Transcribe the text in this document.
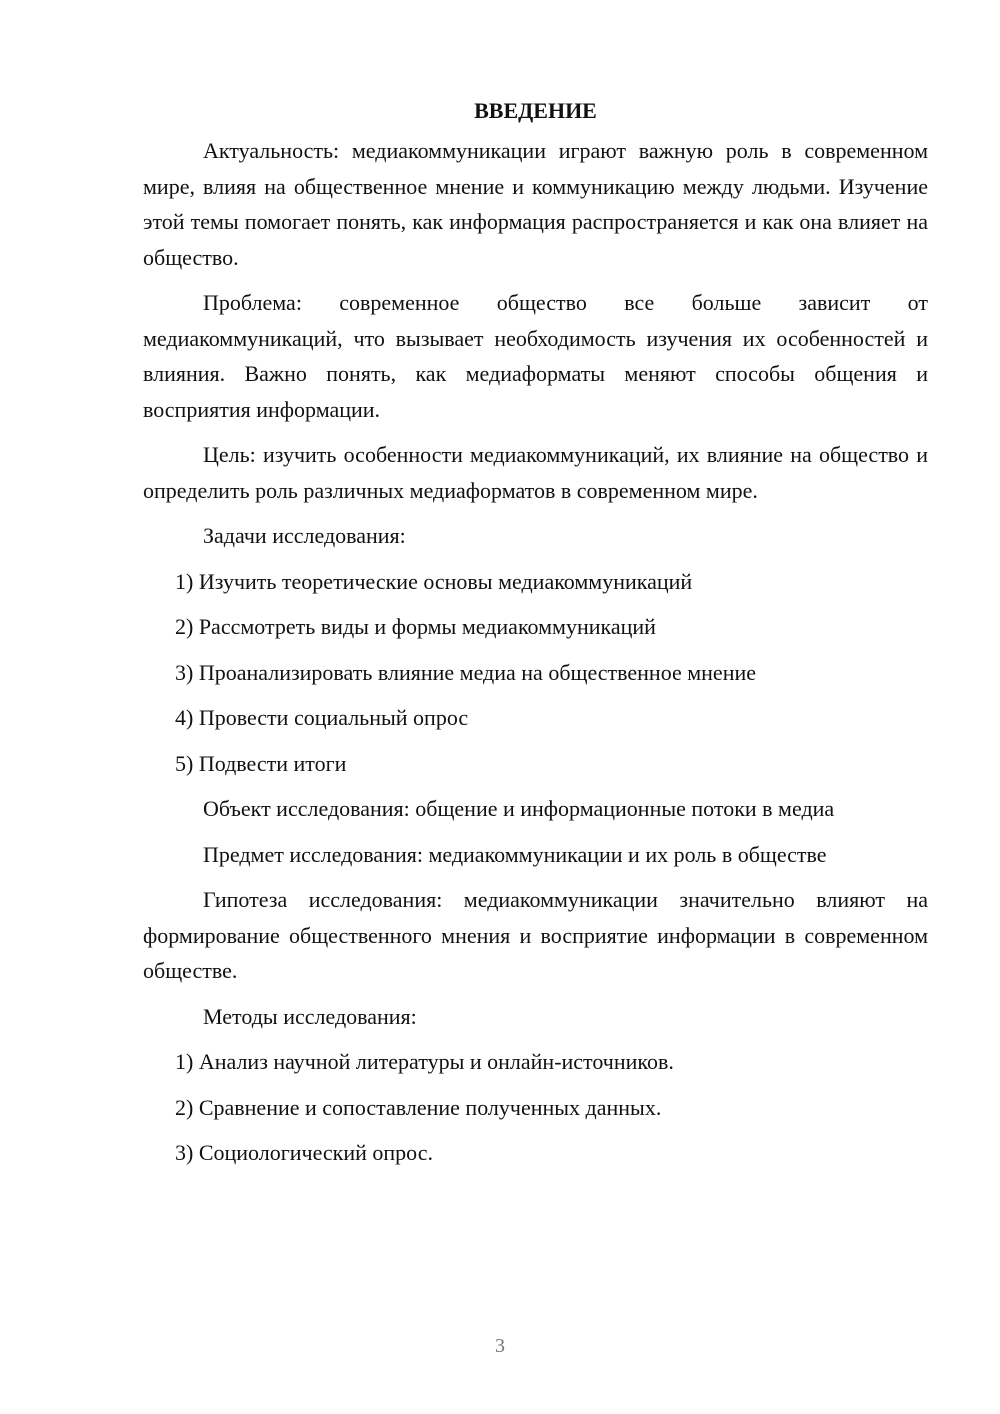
ВВЕДЕНИЕ

Актуальность: медиакоммуникации играют важную роль в современном мире, влияя на общественное мнение и коммуникацию между людьми. Изучение этой темы помогает понять, как информация распространяется и как она влияет на общество.

Проблема: современное общество все больше зависит от медиакоммуникаций, что вызывает необходимость изучения их особенностей и влияния. Важно понять, как медиаформаты меняют способы общения и восприятия информации.

Цель: изучить особенности медиакоммуникаций, их влияние на общество и определить роль различных медиаформатов в современном мире.

Задачи исследования:
1) Изучить теоретические основы медиакоммуникаций
2) Рассмотреть виды и формы медиакоммуникаций
3) Проанализировать влияние медиа на общественное мнение
4) Провести социальный опрос
5) Подвести итоги
Объект исследования: общение и информационные потоки в медиа
Предмет исследования: медиакоммуникации и их роль в обществе

Гипотеза исследования: медиакоммуникации значительно влияют на формирование общественного мнения и восприятие информации в современном обществе.

Методы исследования:
1) Анализ научной литературы и онлайн-источников.
2) Сравнение и сопоставление полученных данных.
3) Социологический опрос.
3
